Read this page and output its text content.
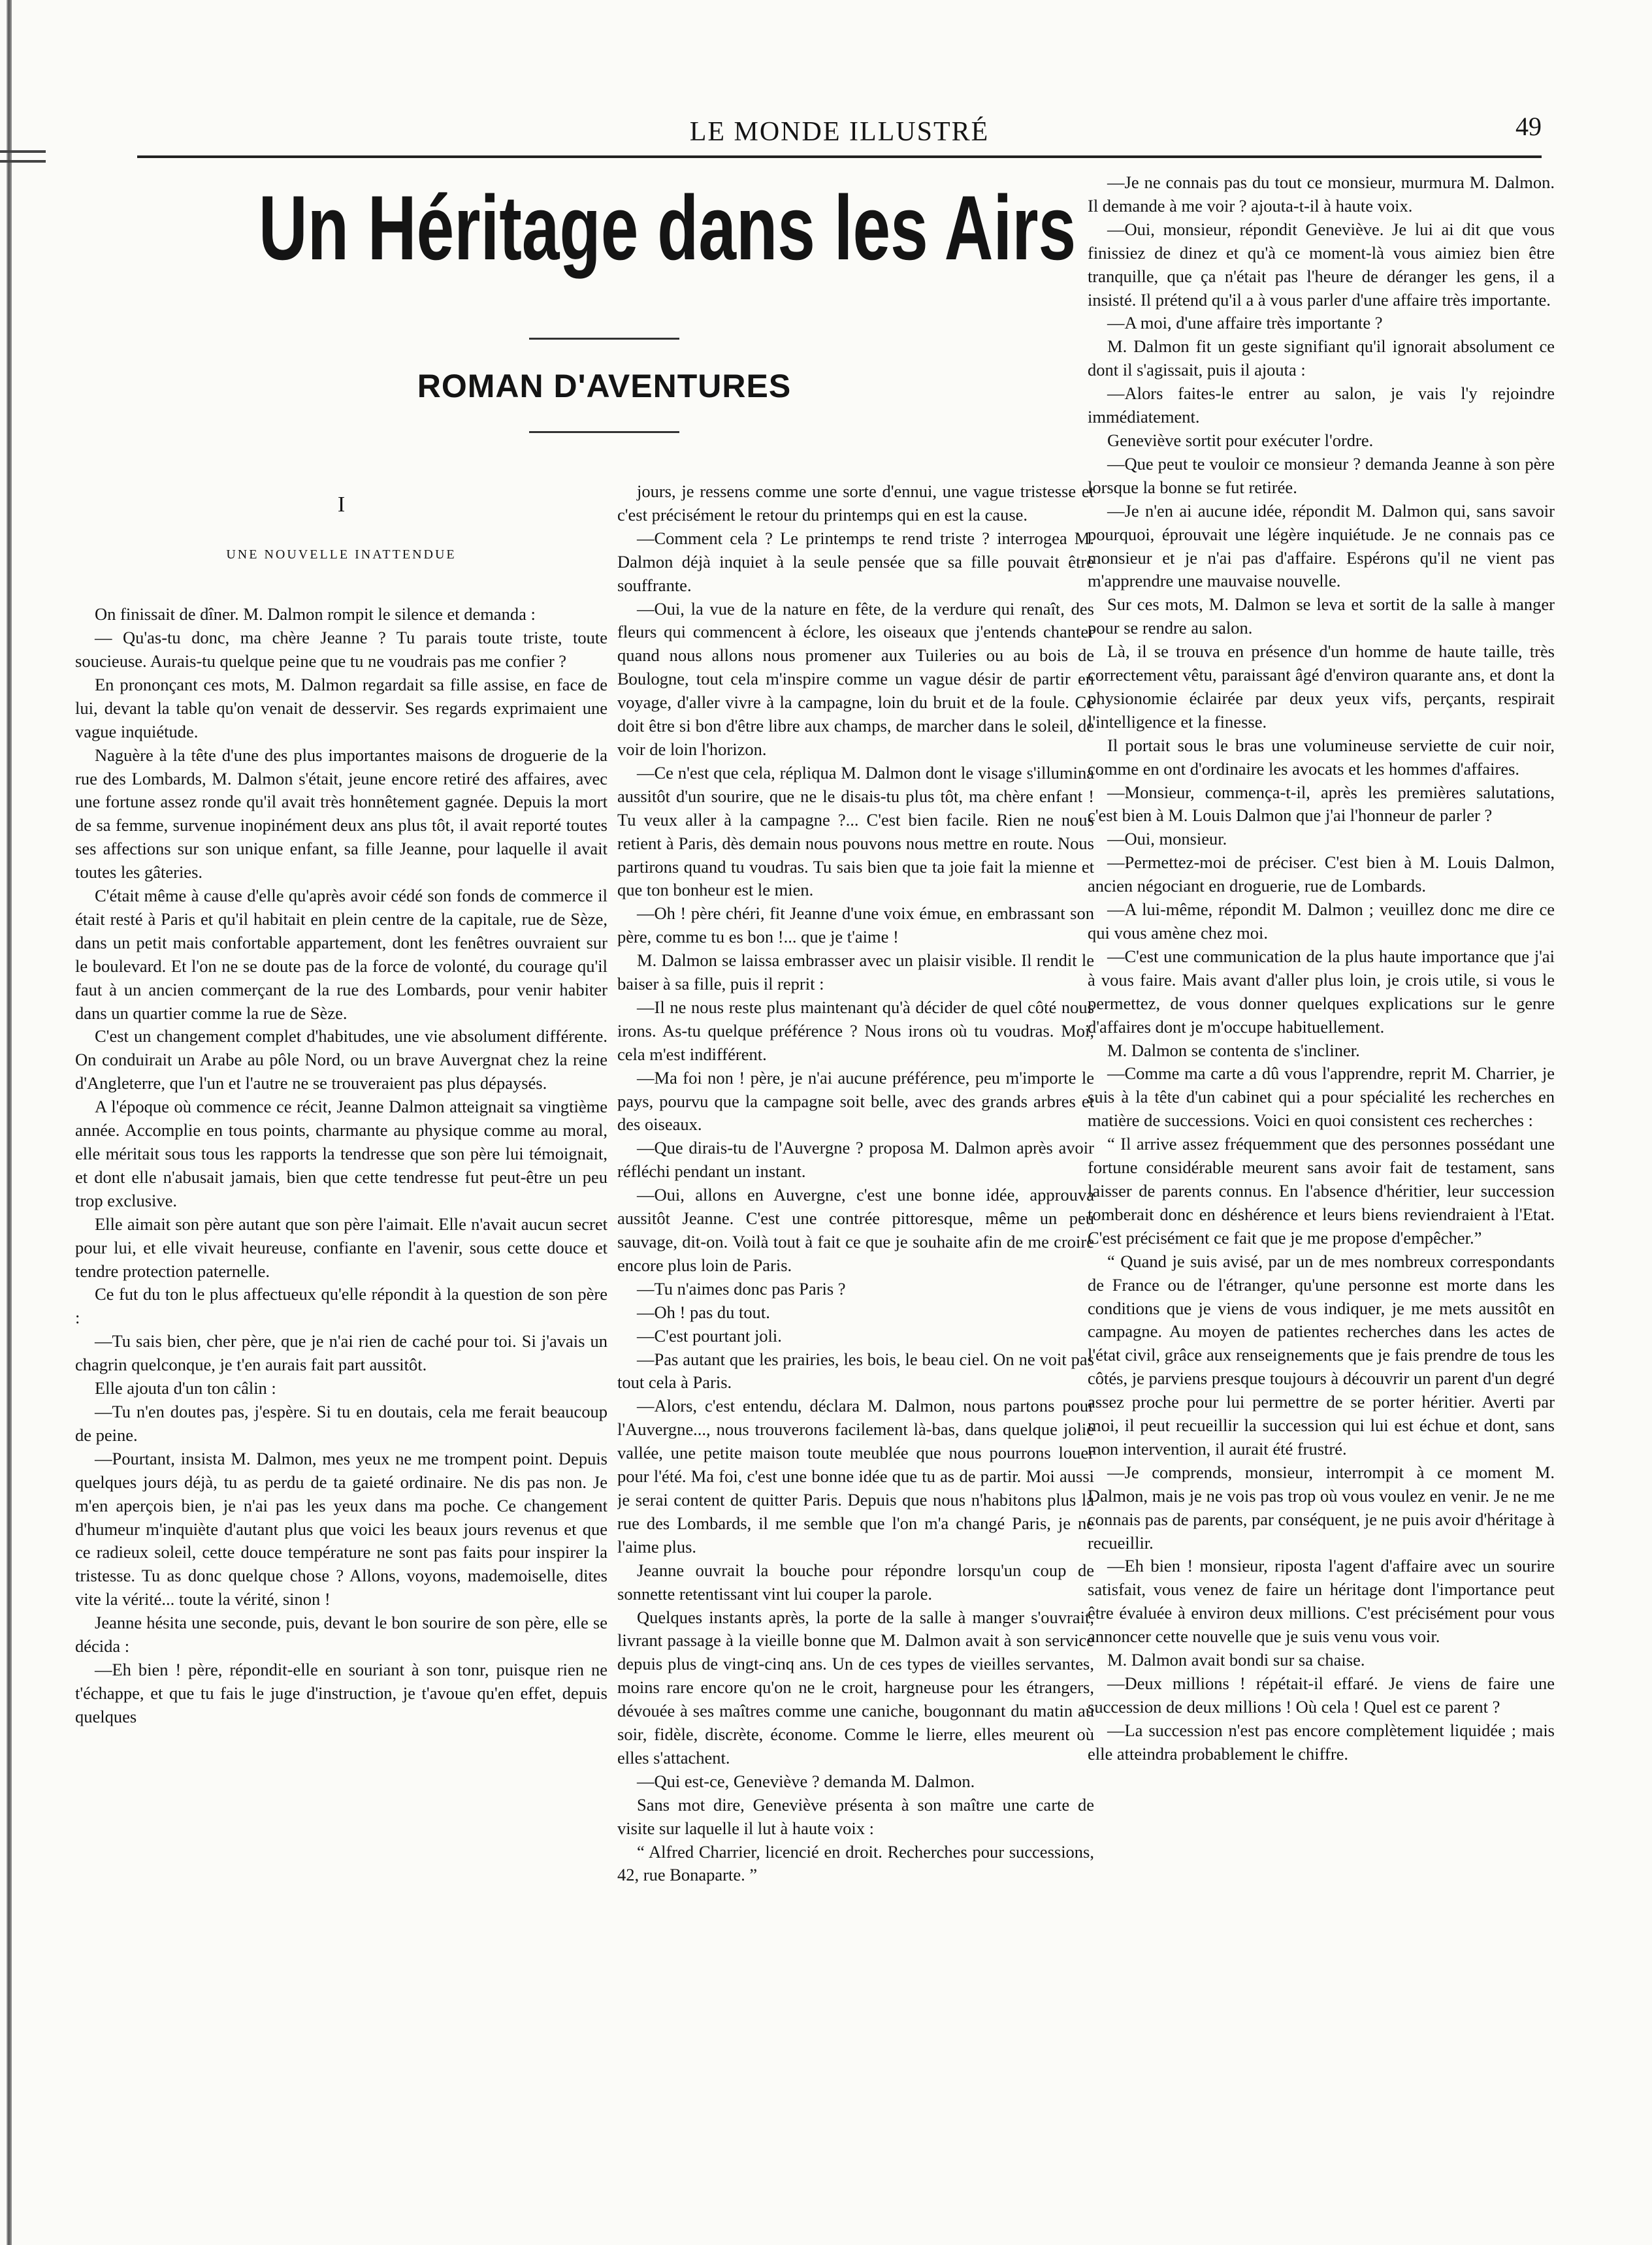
LE MONDE ILLUSTRÉ	49
Un Héritage dans les Airs
ROMAN D'AVENTURES
I
UNE NOUVELLE INATTENDUE

On finissait de dîner. M. Dalmon rompit le silence et demanda :

— Qu'as-tu donc, ma chère Jeanne ? Tu parais toute triste, toute soucieuse. Aurais-tu quelque peine que tu ne voudrais pas me confier ?

En prononçant ces mots, M. Dalmon regardait sa fille assise, en face de lui, devant la table qu'on venait de desservir. Ses regards exprimaient une vague inquiétude.

Naguère à la tête d'une des plus importantes maisons de droguerie de la rue des Lombards, M. Dalmon s'était, jeune encore retiré des affaires, avec une fortune assez ronde qu'il avait très honnêtement gagnée. Depuis la mort de sa femme, survenue inopinément deux ans plus tôt, il avait reporté toutes ses affections sur son unique enfant, sa fille Jeanne, pour laquelle il avait toutes les gâteries.

C'était même à cause d'elle qu'après avoir cédé son fonds de commerce il était resté à Paris et qu'il habitait en plein centre de la capitale, rue de Sèze, dans un petit mais confortable appartement, dont les fenêtres ouvraient sur le boulevard. Et l'on ne se doute pas de la force de volonté, du courage qu'il faut à un ancien commerçant de la rue des Lombards, pour venir habiter dans un quartier comme la rue de Sèze.

C'est un changement complet d'habitudes, une vie absolument différente. On conduirait un Arabe au pôle Nord, ou un brave Auvergnat chez la reine d'Angleterre, que l'un et l'autre ne se trouveraient pas plus dépaysés.

A l'époque où commence ce récit, Jeanne Dalmon atteignait sa vingtième année. Accomplie en tous points, charmante au physique comme au moral, elle méritait sous tous les rapports la tendresse que son père lui témoignait, et dont elle n'abusait jamais, bien que cette tendresse fut peut-être un peu trop exclusive.

Elle aimait son père autant que son père l'aimait. Elle n'avait aucun secret pour lui, et elle vivait heureuse, confiante en l'avenir, sous cette douce et tendre protection paternelle.

Ce fut du ton le plus affectueux qu'elle répondit à la question de son père :

—Tu sais bien, cher père, que je n'ai rien de caché pour toi. Si j'avais un chagrin quelconque, je t'en aurais fait part aussitôt.

Elle ajouta d'un ton câlin :

—Tu n'en doutes pas, j'espère. Si tu en doutais, cela me ferait beaucoup de peine.

—Pourtant, insista M. Dalmon, mes yeux ne me trompent point. Depuis quelques jours déjà, tu as perdu de ta gaieté ordinaire. Ne dis pas non. Je m'en aperçois bien, je n'ai pas les yeux dans ma poche. Ce changement d'humeur m'inquiète d'autant plus que voici les beaux jours revenus et que ce radieux soleil, cette douce température ne sont pas faits pour inspirer la tristesse. Tu as donc quelque chose ? Allons, voyons, mademoiselle, dites vite la vérité... toute la vérité, sinon !

Jeanne hésita une seconde, puis, devant le bon sourire de son père, elle se décida :

—Eh bien ! père, répondit-elle en souriant à son tonr, puisque rien ne t'échappe, et que tu fais le juge d'instruction, je t'avoue qu'en effet, depuis quelques

jours, je ressens comme une sorte d'ennui, une vague tristesse et c'est précisément le retour du printemps qui en est la cause.

—Comment cela ? Le printemps te rend triste ? interrogea M. Dalmon déjà inquiet à la seule pensée que sa fille pouvait être souffrante.

—Oui, la vue de la nature en fête, de la verdure qui renaît, des fleurs qui commencent à éclore, les oiseaux que j'entends chanter quand nous allons nous promener aux Tuileries ou au bois de Boulogne, tout cela m'inspire comme un vague désir de partir en voyage, d'aller vivre à la campagne, loin du bruit et de la foule. Ce doit être si bon d'être libre aux champs, de marcher dans le soleil, de voir de loin l'horizon.

—Ce n'est que cela, répliqua M. Dalmon dont le visage s'illumina aussitôt d'un sourire, que ne le disais-tu plus tôt, ma chère enfant ! Tu veux aller à la campagne ?... C'est bien facile. Rien ne nous retient à Paris, dès demain nous pouvons nous mettre en route. Nous partirons quand tu voudras. Tu sais bien que ta joie fait la mienne et que ton bonheur est le mien.

—Oh ! père chéri, fit Jeanne d'une voix émue, en embrassant son père, comme tu es bon !... que je t'aime !

M. Dalmon se laissa embrasser avec un plaisir visible. Il rendit le baiser à sa fille, puis il reprit :

—Il ne nous reste plus maintenant qu'à décider de quel côté nous irons. As-tu quelque préférence ? Nous irons où tu voudras. Moi, cela m'est indifférent.

—Ma foi non ! père, je n'ai aucune préférence, peu m'importe le pays, pourvu que la campagne soit belle, avec des grands arbres et des oiseaux.

—Que dirais-tu de l'Auvergne ? proposa M. Dalmon après avoir réfléchi pendant un instant.

—Oui, allons en Auvergne, c'est une bonne idée, approuva aussitôt Jeanne. C'est une contrée pittoresque, même un peu sauvage, dit-on. Voilà tout à fait ce que je souhaite afin de me croire encore plus loin de Paris.

—Tu n'aimes donc pas Paris ?

—Oh ! pas du tout.

—C'est pourtant joli.

—Pas autant que les prairies, les bois, le beau ciel. On ne voit pas tout cela à Paris.

—Alors, c'est entendu, déclara M. Dalmon, nous partons pour l'Auvergne..., nous trouverons facilement là-bas, dans quelque jolie vallée, une petite maison toute meublée que nous pourrons louer pour l'été. Ma foi, c'est une bonne idée que tu as de partir. Moi aussi je serai content de quitter Paris. Depuis que nous n'habitons plus la rue des Lombards, il me semble que l'on m'a changé Paris, je ne l'aime plus.

Jeanne ouvrait la bouche pour répondre lorsqu'un coup de sonnette retentissant vint lui couper la parole.

Quelques instants après, la porte de la salle à manger s'ouvrait, livrant passage à la vieille bonne que M. Dalmon avait à son service depuis plus de vingt-cinq ans. Un de ces types de vieilles servantes, moins rare encore qu'on ne le croit, hargneuse pour les étrangers, dévouée à ses maîtres comme une caniche, bougonnant du matin au soir, fidèle, discrète, économe. Comme le lierre, elles meurent où elles s'attachent.

—Qui est-ce, Geneviève ? demanda M. Dalmon.

Sans mot dire, Geneviève présenta à son maître une carte de visite sur laquelle il lut à haute voix :

“ Alfred Charrier, licencié en droit. Recherches pour successions, 42, rue Bonaparte. ”

—Je ne connais pas du tout ce monsieur, murmura M. Dalmon. Il demande à me voir ? ajouta-t-il à haute voix.

—Oui, monsieur, répondit Geneviève. Je lui ai dit que vous finissiez de dinez et qu'à ce moment-là vous aimiez bien être tranquille, que ça n'était pas l'heure de déranger les gens, il a insisté. Il prétend qu'il a à vous parler d'une affaire très importante.

—A moi, d'une affaire très importante ?

M. Dalmon fit un geste signifiant qu'il ignorait absolument ce dont il s'agissait, puis il ajouta :

—Alors faites-le entrer au salon, je vais l'y rejoindre immédiatement.

Geneviève sortit pour exécuter l'ordre.

—Que peut te vouloir ce monsieur ? demanda Jeanne à son père lorsque la bonne se fut retirée.

—Je n'en ai aucune idée, répondit M. Dalmon qui, sans savoir pourquoi, éprouvait une légère inquiétude. Je ne connais pas ce monsieur et je n'ai pas d'affaire. Espérons qu'il ne vient pas m'apprendre une mauvaise nouvelle.

Sur ces mots, M. Dalmon se leva et sortit de la salle à manger pour se rendre au salon.

Là, il se trouva en présence d'un homme de haute taille, très correctement vêtu, paraissant âgé d'environ quarante ans, et dont la physionomie éclairée par deux yeux vifs, perçants, respirait l'intelligence et la finesse.

Il portait sous le bras une volumineuse serviette de cuir noir, comme en ont d'ordinaire les avocats et les hommes d'affaires.

—Monsieur, commença-t-il, après les premières salutations, c'est bien à M. Louis Dalmon que j'ai l'honneur de parler ?

—Oui, monsieur.

—Permettez-moi de préciser. C'est bien à M. Louis Dalmon, ancien négociant en droguerie, rue de Lombards.

—A lui-même, répondit M. Dalmon ; veuillez donc me dire ce qui vous amène chez moi.

—C'est une communication de la plus haute importance que j'ai à vous faire. Mais avant d'aller plus loin, je crois utile, si vous le permettez, de vous donner quelques explications sur le genre d'affaires dont je m'occupe habituellement.

M. Dalmon se contenta de s'incliner.

—Comme ma carte a dû vous l'apprendre, reprit M. Charrier, je suis à la tête d'un cabinet qui a pour spécialité les recherches en matière de successions. Voici en quoi consistent ces recherches :

“ Il arrive assez fréquemment que des personnes possédant une fortune considérable meurent sans avoir fait de testament, sans laisser de parents connus. En l'absence d'héritier, leur succession tomberait donc en déshérence et leurs biens reviendraient à l'Etat. C'est précisément ce fait que je me propose d'empêcher.”

“ Quand je suis avisé, par un de mes nombreux correspondants de France ou de l'étranger, qu'une personne est morte dans les conditions que je viens de vous indiquer, je me mets aussitôt en campagne. Au moyen de patientes recherches dans les actes de l'état civil, grâce aux renseignements que je fais prendre de tous les côtés, je parviens presque toujours à découvrir un parent d'un degré assez proche pour lui permettre de se porter héritier. Averti par moi, il peut recueillir la succession qui lui est échue et dont, sans mon intervention, il aurait été frustré.

—Je comprends, monsieur, interrompit à ce moment M. Dalmon, mais je ne vois pas trop où vous voulez en venir. Je ne me connais pas de parents, par conséquent, je ne puis avoir d'héritage à recueillir.

—Eh bien ! monsieur, riposta l'agent d'affaire avec un sourire satisfait, vous venez de faire un héritage dont l'importance peut être évaluée à environ deux millions. C'est précisément pour vous annoncer cette nouvelle que je suis venu vous voir.

M. Dalmon avait bondi sur sa chaise.

—Deux millions ! répétait-il effaré. Je viens de faire une succession de deux millions ! Où cela ! Quel est ce parent ?

—La succession n'est pas encore complètement liquidée ; mais elle atteindra probablement le chiffre.
